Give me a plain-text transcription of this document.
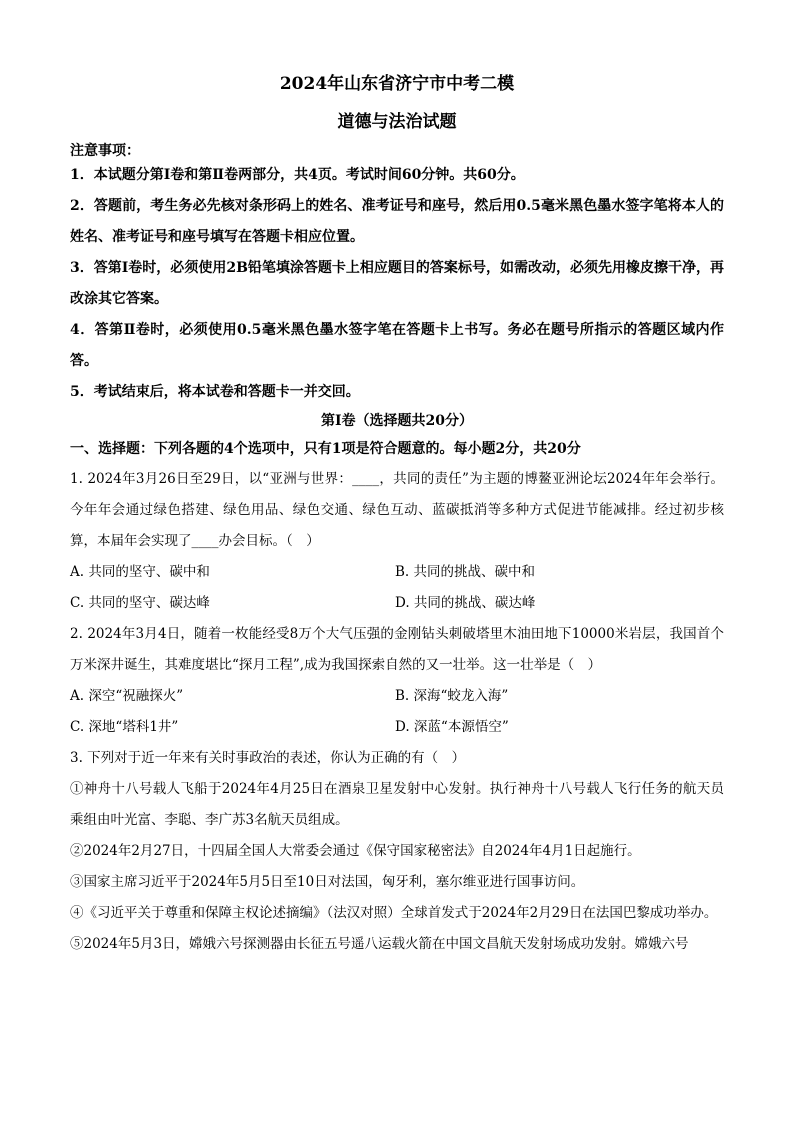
2024年山东省济宁市中考二模
道德与法治试题
注意事项：
1．本试题分第Ⅰ卷和第Ⅱ卷两部分，共4页。考试时间60分钟。共60分。
2．答题前，考生务必先核对条形码上的姓名、准考证号和座号，然后用0.5毫米黑色墨水签字笔将本人的姓名、准考证号和座号填写在答题卡相应位置。
3．答第Ⅰ卷时，必须使用2B铅笔填涂答题卡上相应题目的答案标号，如需改动，必须先用橡皮擦干净，再改涂其它答案。
4．答第Ⅱ卷时，必须使用0.5毫米黑色墨水签字笔在答题卡上书写。务必在题号所指示的答题区域内作答。
5．考试结束后，将本试卷和答题卡一并交回。
第Ⅰ卷（选择题共20分）
一、选择题：下列各题的4个选项中，只有1项是符合题意的。每小题2分，共20分
1. 2024年3月26日至29日，以“亚洲与世界：____，共同的责任”为主题的博鳌亚洲论坛2024年年会举行。今年年会通过绿色搭建、绿色用品、绿色交通、绿色互动、蓝碳抵消等多种方式促进节能减排。经过初步核算，本届年会实现了____办会目标。（　）
A. 共同的坚守、碳中和	B. 共同的挑战、碳中和
C. 共同的坚守、碳达峰	D. 共同的挑战、碳达峰
2. 2024年3月4日，随着一枚能经受8万个大气压强的金刚钻头刺破塔里木油田地下10000米岩层，我国首个万米深井诞生，其难度堪比“探月工程”,成为我国探索自然的又一壮举。这一壮举是（　）
A. 深空“祝融探火”	B. 深海“蛟龙入海”
C. 深地“塔科1井”	D. 深蓝“本源悟空”
3. 下列对于近一年来有关时事政治的表述，你认为正确的有（　）
①神舟十八号载人飞船于2024年4月25日在酒泉卫星发射中心发射。执行神舟十八号载人飞行任务的航天员乘组由叶光富、李聪、李广苏3名航天员组成。
②2024年2月27日，十四届全国人大常委会通过《保守国家秘密法》自2024年4月1日起施行。
③国家主席习近平于2024年5月5日至10日对法国，匈牙利，塞尔维亚进行国事访问。
④《习近平关于尊重和保障主权论述摘编》（法汉对照）全球首发式于2024年2月29日在法国巴黎成功举办。
⑤2024年5月3日，嫦娥六号探测器由长征五号遥八运载火箭在中国文昌航天发射场成功发射。嫦娥六号
